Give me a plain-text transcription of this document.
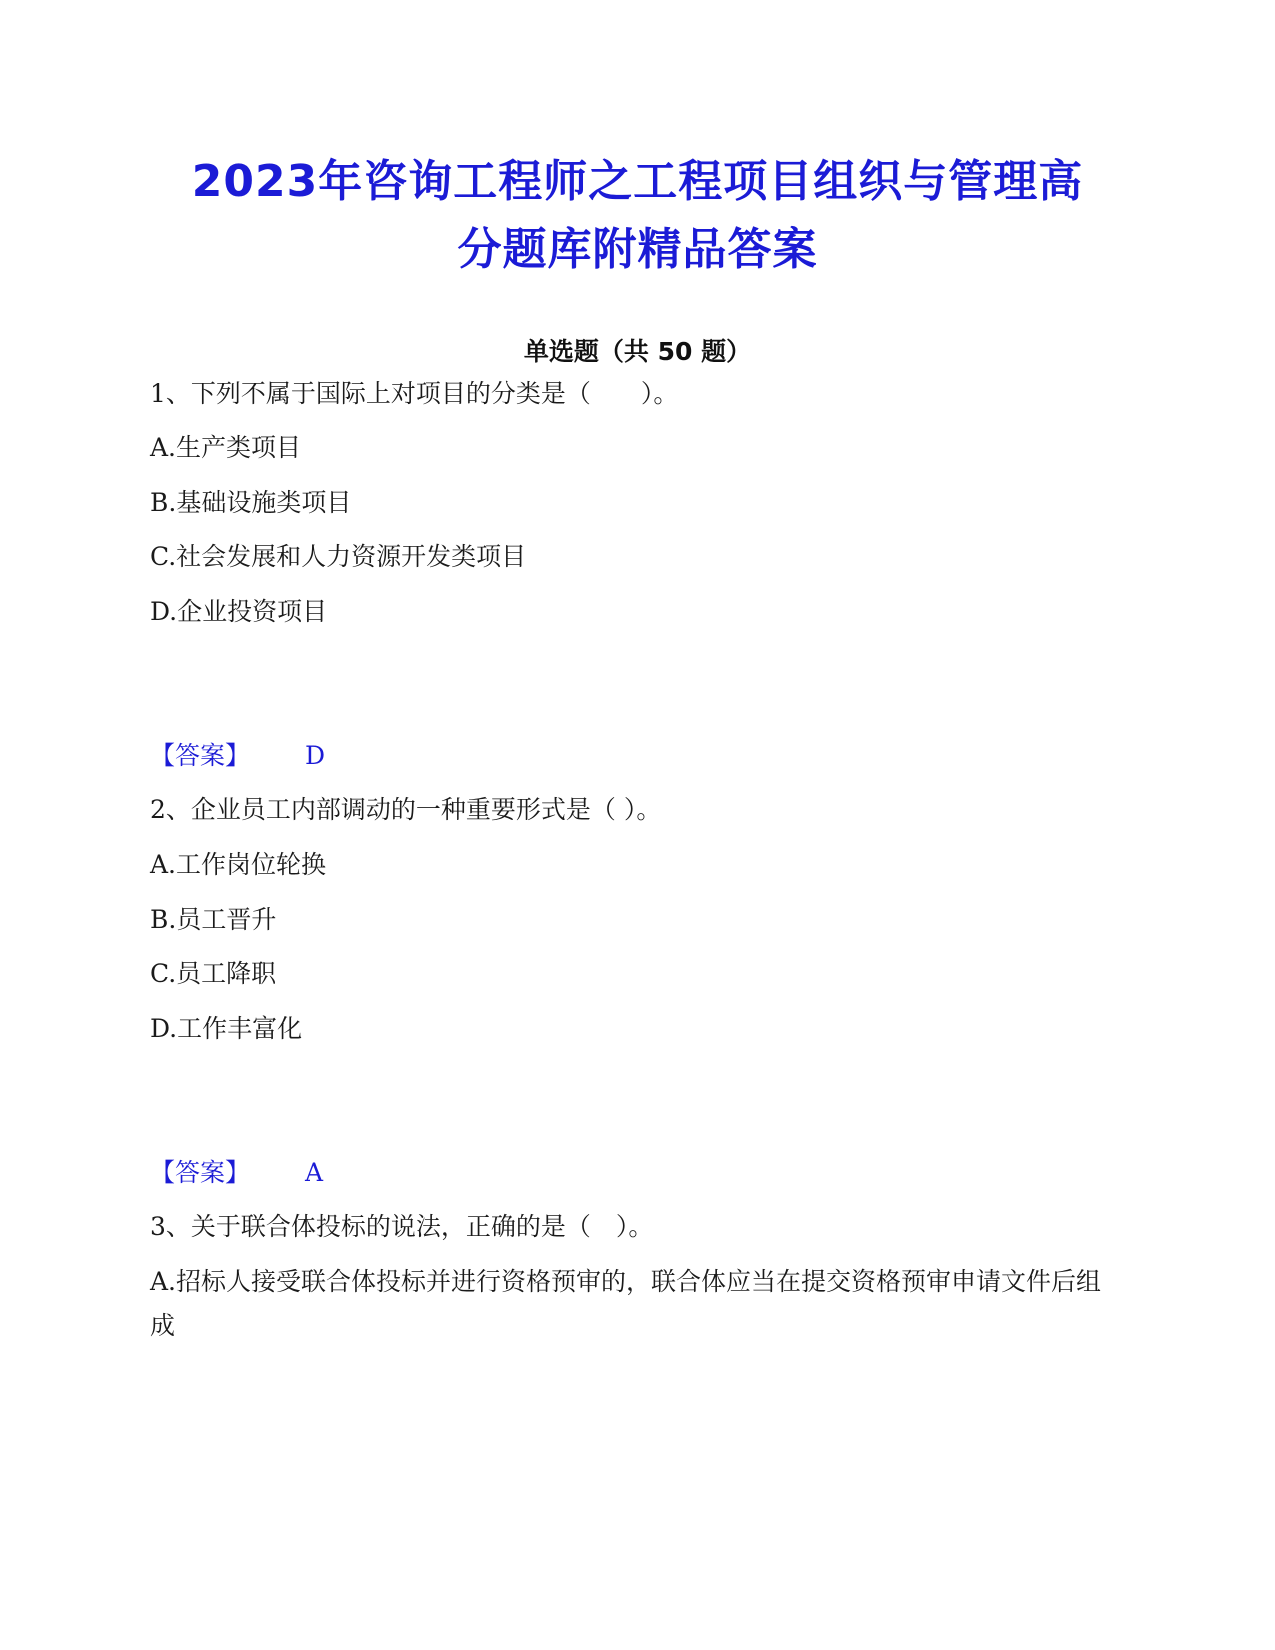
2023年咨询工程师之工程项目组织与管理高
分题库附精品答案
单选题（共 50 题）
1、下列不属于国际上对项目的分类是（　　）。
A.生产类项目
B.基础设施类项目
C.社会发展和人力资源开发类项目
D.企业投资项目
【答案】 D
2、企业员工内部调动的一种重要形式是（ ）。
A.工作岗位轮换
B.员工晋升
C.员工降职
D.工作丰富化
【答案】 A
3、关于联合体投标的说法，正确的是（　）。
A.招标人接受联合体投标并进行资格预审的，联合体应当在提交资格预审申请文件后组成
